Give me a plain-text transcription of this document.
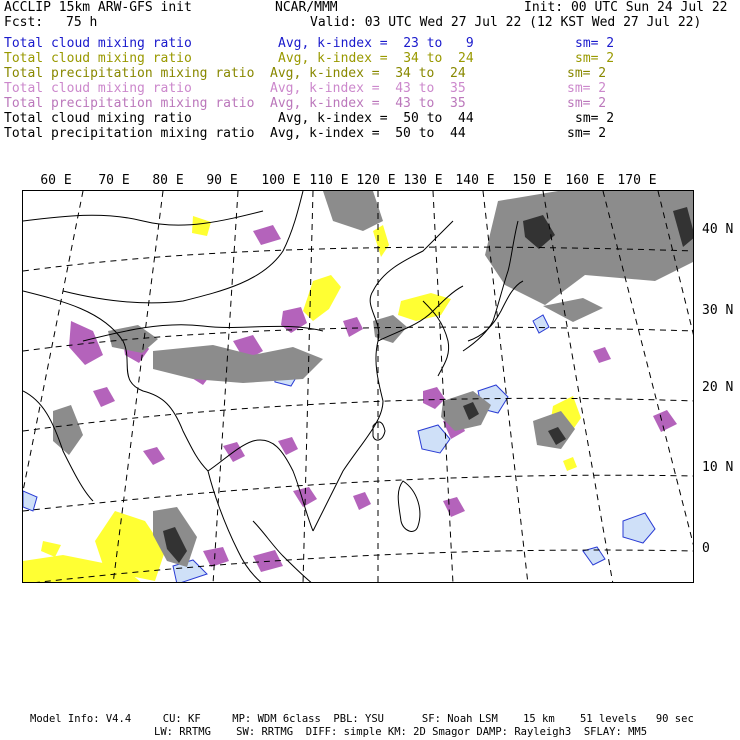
ACCLIP 15km ARW-GFS init	NCAR/MMM	Init: 00 UTC Sun 24 Jul 22
Fcst: 75 h	Valid: 03 UTC Wed 27 Jul 22 (12 KST Wed 27 Jul 22)
Total cloud mixing ratio	Avg, k-index =  23 to   9	sm= 2
Total cloud mixing ratio	Avg, k-index =  34 to  24	sm= 2
Total precipitation mixing ratio Avg, k-index =  34 to  24	sm= 2
Total cloud mixing ratio	Avg, k-index =  43 to  35	sm= 2
Total precipitation mixing ratio Avg, k-index =  43 to  35	sm= 2
Total cloud mixing ratio	Avg, k-index =  50 to  44	sm= 2
Total precipitation mixing ratio Avg, k-index =  50 to  44	sm= 2
60 E 70 E 80 E 90 E 100 E 110 E 120 E 130 E 140 E 150 E 160 E 170 E
40 N
30 N
20 N
10 N
0
Model Info: V4.4     CU: KF     MP: WDM 6class  PBL: YSU      SF: Noah LSM    15 km    51 levels   90 sec
LW: RRTMG    SW: RRTMG  DIFF: simple KM: 2D Smagor DAMP: Rayleigh3  SFLAY: MM5
